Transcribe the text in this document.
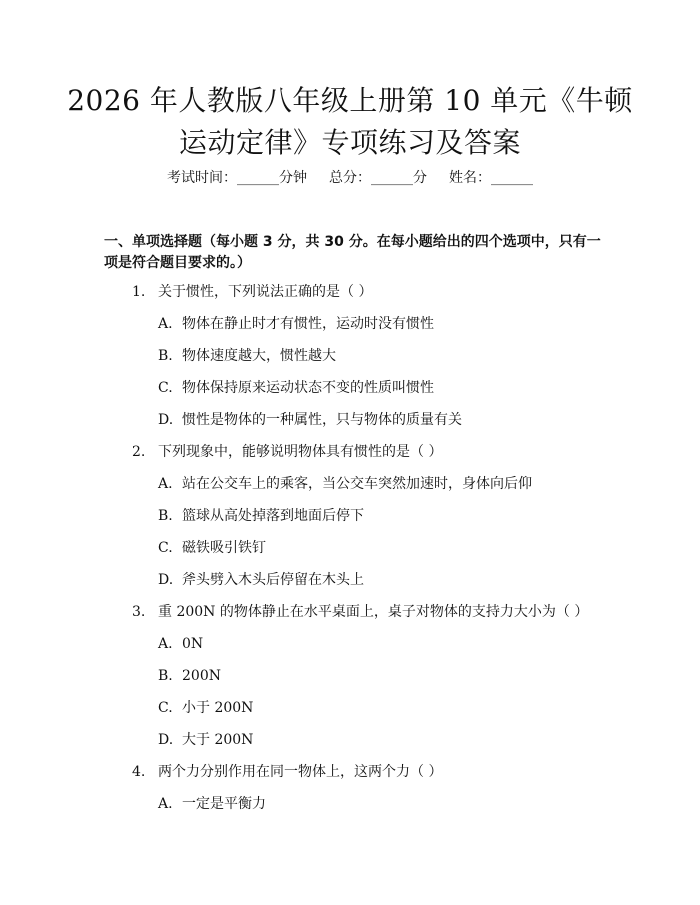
2026 年人教版八年级上册第 10 单元《牛顿
运动定律》专项练习及答案
考试时间：______分钟 总分：______分 姓名：______
一、单项选择题（每小题 3 分，共 30 分。在每小题给出的四个选项中，只有一项是符合题目要求的。）
1. 关于惯性，下列说法正确的是（ ）
A. 物体在静止时才有惯性，运动时没有惯性
B. 物体速度越大，惯性越大
C. 物体保持原来运动状态不变的性质叫惯性
D. 惯性是物体的一种属性，只与物体的质量有关
2. 下列现象中，能够说明物体具有惯性的是（ ）
A. 站在公交车上的乘客，当公交车突然加速时，身体向后仰
B. 篮球从高处掉落到地面后停下
C. 磁铁吸引铁钉
D. 斧头劈入木头后停留在木头上
3. 重 200N 的物体静止在水平桌面上，桌子对物体的支持力大小为（ ）
A. 0N
B. 200N
C. 小于 200N
D. 大于 200N
4. 两个力分别作用在同一物体上，这两个力（ ）
A. 一定是平衡力
